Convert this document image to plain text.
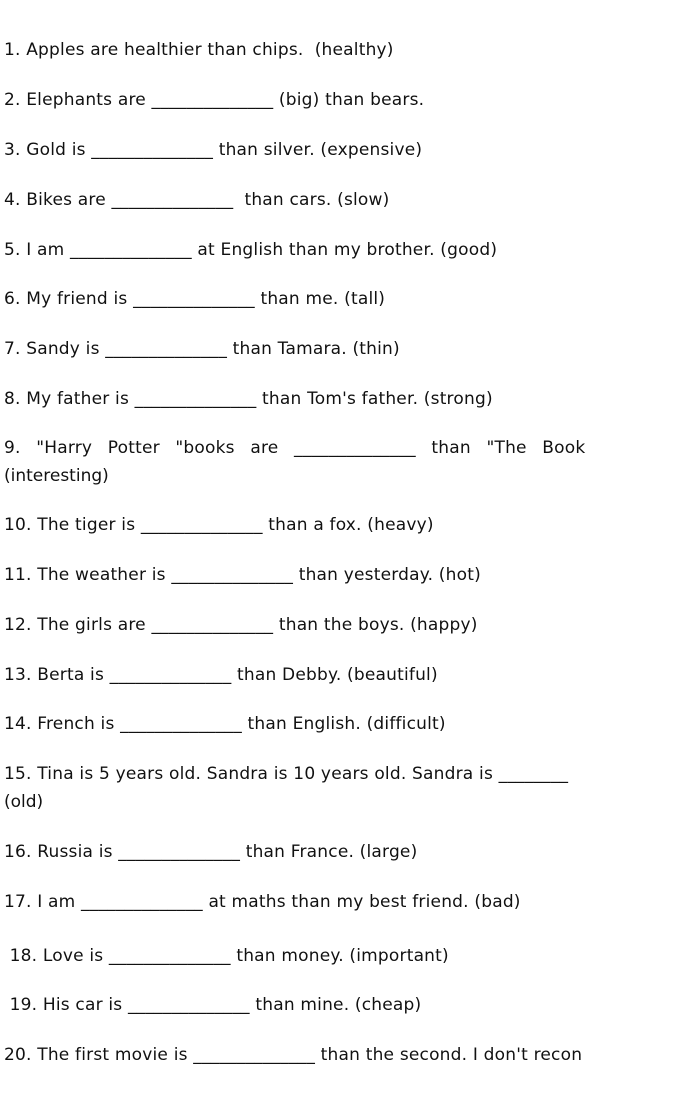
1. Apples are healthier than chips.  (healthy)
2. Elephants are ______________ (big) than bears.
3. Gold is ______________ than silver. (expensive)
4. Bikes are ______________  than cars. (slow)
5. I am ______________ at English than my brother. (good)
6. My friend is ______________ than me. (tall)
7. Sandy is ______________ than Tamara. (thin)
8. My father is ______________ than Tom's father. (strong)
9. "Harry Potter "books are ______________ than "The Book
(interesting)
10. The tiger is ______________ than a fox. (heavy)
11. The weather is ______________ than yesterday. (hot)
12. The girls are ______________ than the boys. (happy)
13. Berta is ______________ than Debby. (beautiful)
14. French is ______________ than English. (difficult)
15. Tina is 5 years old. Sandra is 10 years old. Sandra is ________
(old)
16. Russia is ______________ than France. (large)
17. I am ______________ at maths than my best friend. (bad)
18. Love is ______________ than money. (important)
19. His car is ______________ than mine. (cheap)
20. The first movie is ______________ than the second. I don't recon
